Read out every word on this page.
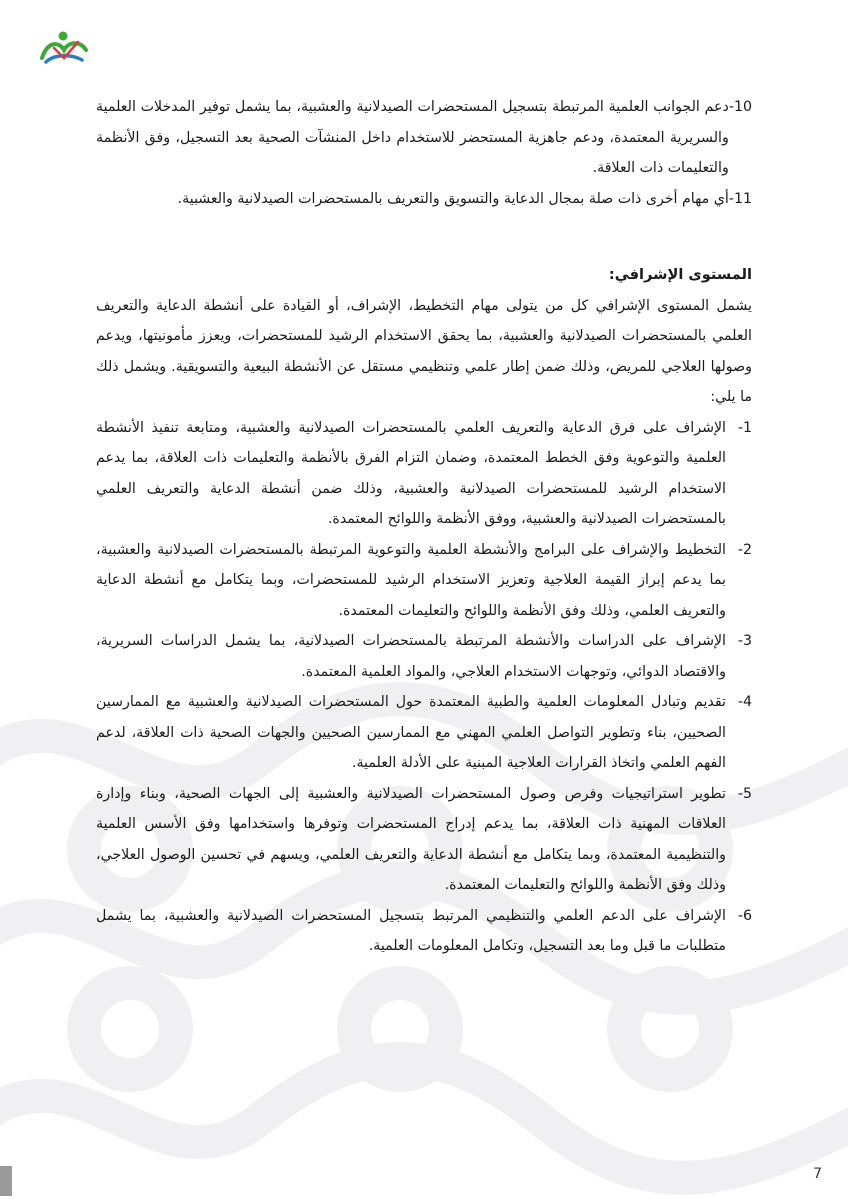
10-
دعم الجوانب العلمية المرتبطة بتسجيل المستحضرات الصيدلانية والعشبية، بما يشمل توفير المدخلات العلمية والسريرية المعتمدة، ودعم جاهزية المستحضر للاستخدام داخل المنشآت الصحية بعد التسجيل، وفق الأنظمة والتعليمات ذات العلاقة.
11-
أي مهام أخرى ذات صلة بمجال الدعاية والتسويق والتعريف بالمستحضرات الصيدلانية والعشبية.
المستوى الإشرافي:

يشمل المستوى الإشرافي كل من يتولى مهام التخطيط، الإشراف، أو القيادة على أنشطة الدعاية والتعريف العلمي بالمستحضرات الصيدلانية والعشبية، بما يحقق الاستخدام الرشيد للمستحضرات، ويعزز مأمونيتها، ويدعم وصولها العلاجي للمريض، وذلك ضمن إطار علمي وتنظيمي مستقل عن الأنشطة البيعية والتسويقية. ويشمل ذلك ما يلي:

1-
الإشراف على فرق الدعاية والتعريف العلمي بالمستحضرات الصيدلانية والعشبية، ومتابعة تنفيذ الأنشطة العلمية والتوعوية وفق الخطط المعتمدة، وضمان التزام الفرق بالأنظمة والتعليمات ذات العلاقة، بما يدعم الاستخدام الرشيد للمستحضرات الصيدلانية والعشبية، وذلك ضمن أنشطة الدعاية والتعريف العلمي بالمستحضرات الصيدلانية والعشبية، ووفق الأنظمة واللوائح المعتمدة.
2-
التخطيط والإشراف على البرامج والأنشطة العلمية والتوعوية المرتبطة بالمستحضرات الصيدلانية والعشبية، بما يدعم إبراز القيمة العلاجية وتعزيز الاستخدام الرشيد للمستحضرات، وبما يتكامل مع أنشطة الدعاية والتعريف العلمي، وذلك وفق الأنظمة واللوائح والتعليمات المعتمدة.
3-
الإشراف على الدراسات والأنشطة المرتبطة بالمستحضرات الصيدلانية، بما يشمل الدراسات السريرية، والاقتصاد الدوائي، وتوجهات الاستخدام العلاجي، والمواد العلمية المعتمدة.
4-
تقديم وتبادل المعلومات العلمية والطبية المعتمدة حول المستحضرات الصيدلانية والعشبية مع الممارسين الصحيين، بناء وتطوير التواصل العلمي المهني مع الممارسين الصحيين والجهات الصحية ذات العلاقة، لدعم الفهم العلمي واتخاذ القرارات العلاجية المبنية على الأدلة العلمية.
5-
تطوير استراتيجيات وفرص وصول المستحضرات الصيدلانية والعشبية إلى الجهات الصحية، وبناء وإدارة العلاقات المهنية ذات العلاقة، بما يدعم إدراج المستحضرات وتوفرها واستخدامها وفق الأسس العلمية والتنظيمية المعتمدة، وبما يتكامل مع أنشطة الدعاية والتعريف العلمي، ويسهم في تحسين الوصول العلاجي، وذلك وفق الأنظمة واللوائح والتعليمات المعتمدة.
6-
الإشراف على الدعم العلمي والتنظيمي المرتبط بتسجيل المستحضرات الصيدلانية والعشبية، بما يشمل متطلبات ما قبل وما بعد التسجيل، وتكامل المعلومات العلمية.
7
